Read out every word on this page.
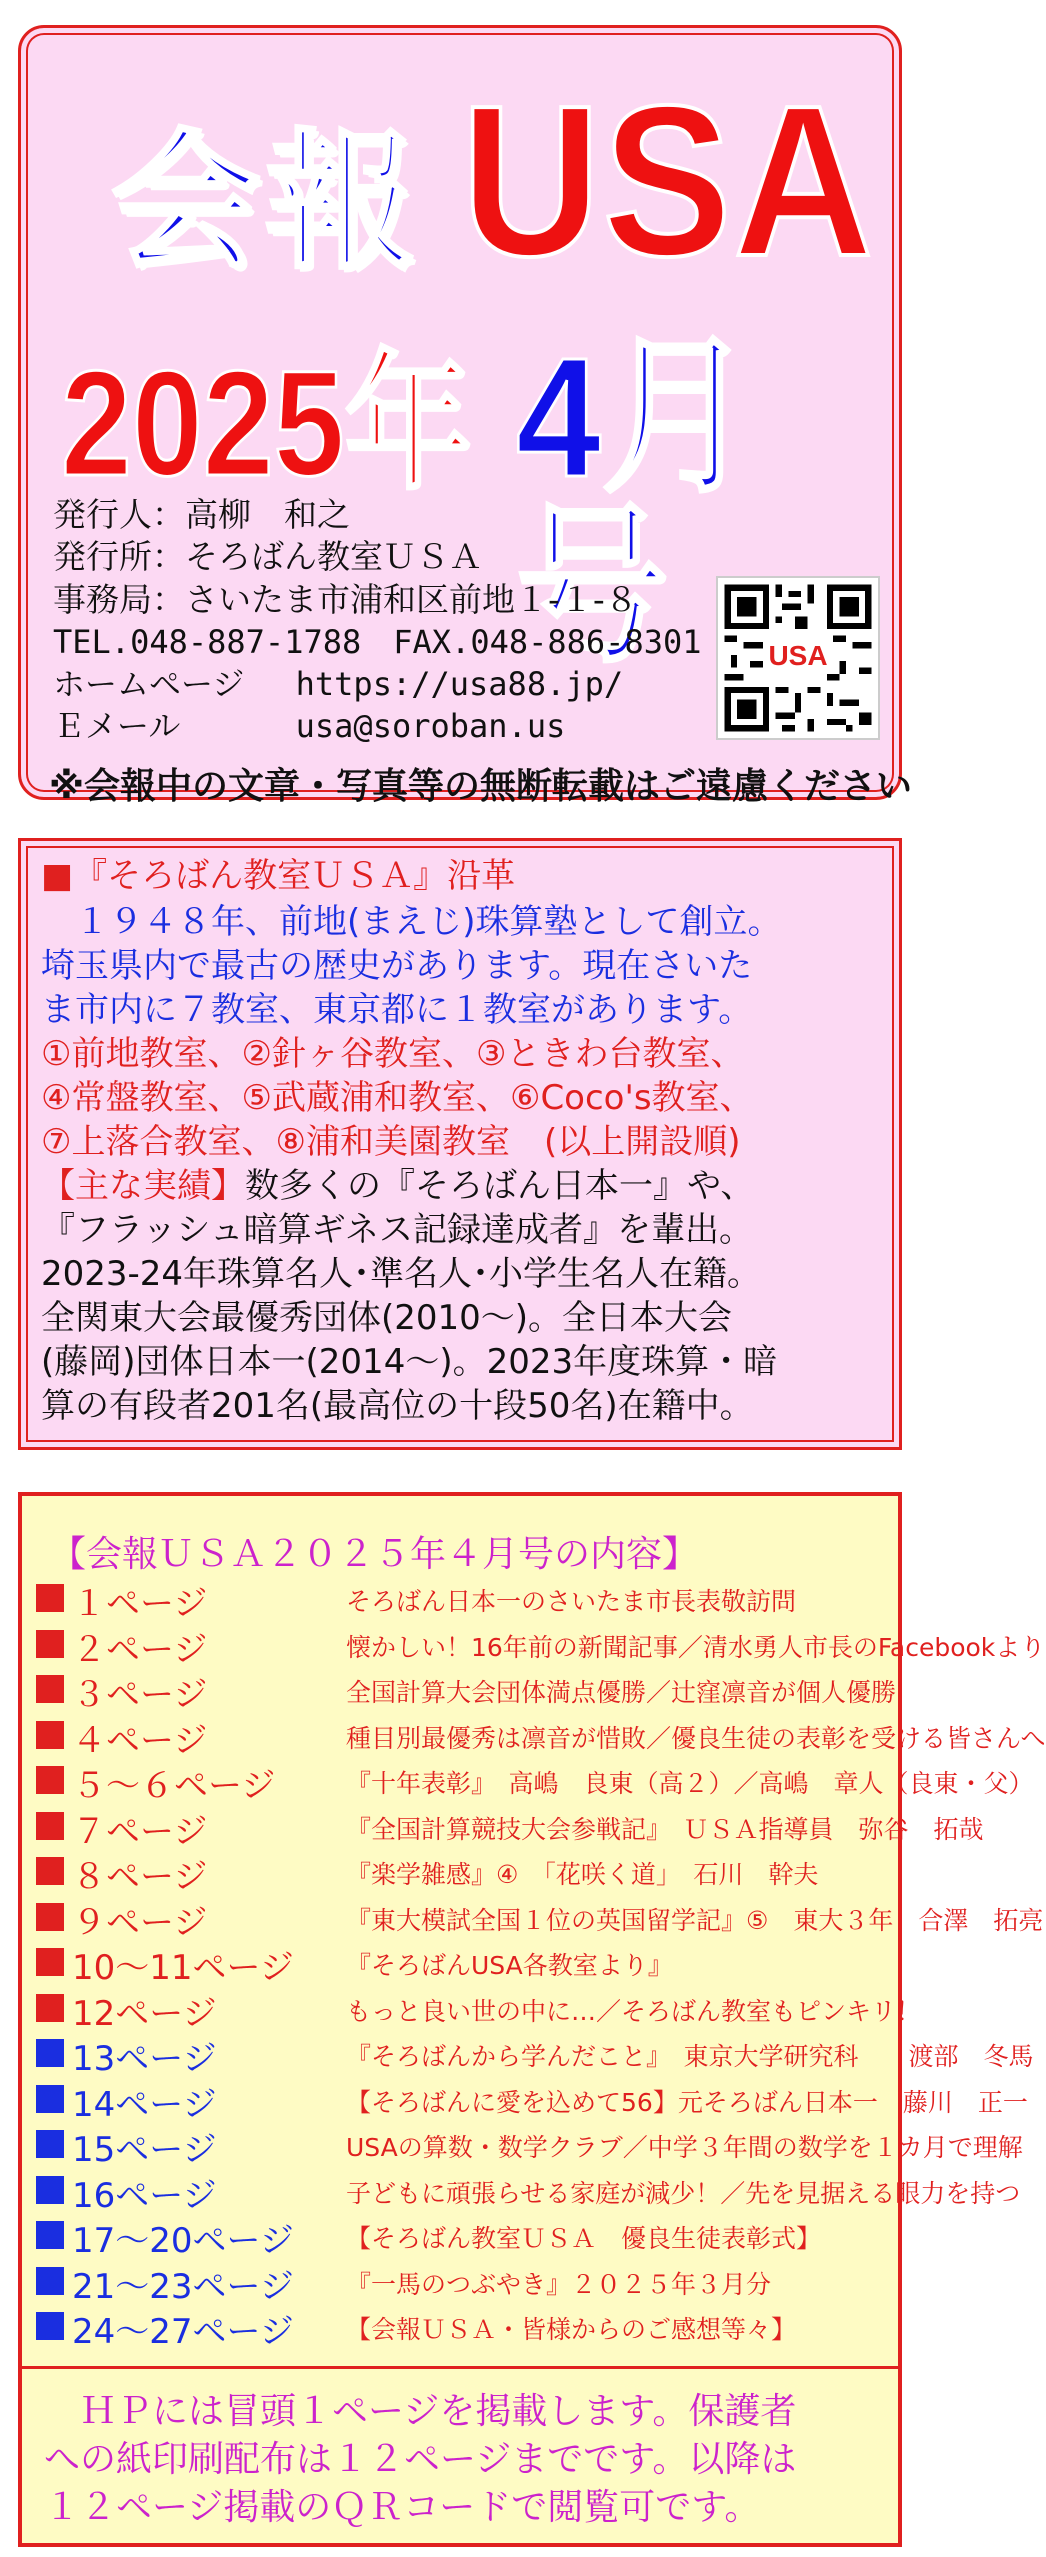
会報 USA
2025年 4月号
発行人：高柳　和之
発行所：そろばん教室ＵＳＡ
事務局：さいたま市浦和区前地１-１-８
TEL.048-887-1788　FAX.048-886-8301
ホームページ　 https://usa88.jp/
Ｅメール　　　 usa@soroban.us
USA
※会報中の文章・写真等の無断転載はご遠慮ください
■『そろばん教室ＵＳＡ』沿革
　１９４８年、前地(まえじ)珠算塾として創立。
埼玉県内で最古の歴史があります。現在さいた
ま市内に７教室、東京都に１教室があります。
①前地教室、②針ヶ谷教室、③ときわ台教室、
④常盤教室、⑤武蔵浦和教室、⑥Coco's教室、
⑦上落合教室、⑧浦和美園教室　(以上開設順)
【主な実績】数多くの『そろばん日本一』や、
『フラッシュ暗算ギネス記録達成者』を輩出。
2023-24年珠算名人･準名人･小学生名人在籍。
全関東大会最優秀団体(2010～)。全日本大会
(藤岡)団体日本一(2014～)。2023年度珠算・暗
算の有段者201名(最高位の十段50名)在籍中。
【会報ＵＳＡ２０２５年４月号の内容】
１ページ	そろばん日本一のさいたま市長表敬訪問
２ページ	懐かしい！16年前の新聞記事／清水勇人市長のFacebookより
３ページ	全国計算大会団体満点優勝／辻窪凛音が個人優勝
４ページ	種目別最優秀は凛音が惜敗／優良生徒の表彰を受ける皆さんへ
５～６ページ	『十年表彰』　高嶋　良東（高２）／高嶋　章人（良東・父）
７ページ	『全国計算競技大会参戦記』　ＵＳＡ指導員　弥谷　拓哉
８ページ	『楽学雑感』④　「花咲く道」　石川　幹夫
９ページ	『東大模試全国１位の英国留学記』⑤　東大３年　合澤　拓亮
10～11ページ 『そろばんUSA各教室より』
12ページ	もっと良い世の中に…／そろばん教室もピンキリ！
13ページ	『そろばんから学んだこと』　東京大学研究科　　渡部　冬馬
14ページ	【そろばんに愛を込めて56】元そろばん日本一　藤川　正一
15ページ	USAの算数・数学クラブ／中学３年間の数学を１カ月で理解
16ページ	子どもに頑張らせる家庭が減少！／先を見据える眼力を持つ
17～20ページ 【そろばん教室ＵＳＡ　優良生徒表彰式】
21～23ページ 『一馬のつぶやき』２０２５年３月分
24～27ページ 【会報ＵＳＡ・皆様からのご感想等々】
　ＨＰには冒頭１ページを掲載します。保護者
への紙印刷配布は１２ページまでです。以降は
１２ページ掲載のＱＲコードで閲覧可です。
